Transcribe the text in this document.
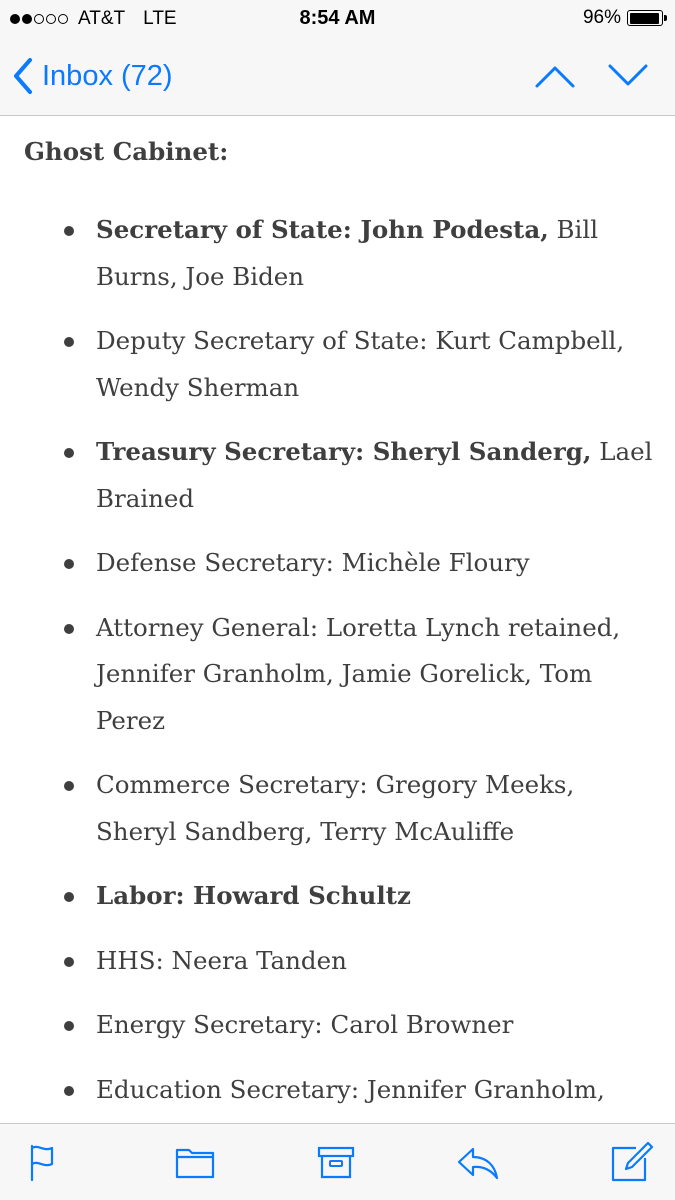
AT&T LTE	8:54 AM	96%
Inbox (72)
Ghost Cabinet:
Secretary of State: John Podesta, Bill Burns, Joe Biden
Deputy Secretary of State: Kurt Campbell, Wendy Sherman
Treasury Secretary: Sheryl Sanderg, Lael Brained
Defense Secretary: Michèle Floury
Attorney General: Loretta Lynch retained, Jennifer Granholm, Jamie Gorelick, Tom Perez
Commerce Secretary: Gregory Meeks, Sheryl Sandberg, Terry McAuliffe
Labor: Howard Schultz
HHS: Neera Tanden
Energy Secretary: Carol Browner
Education Secretary: Jennifer Granholm,
